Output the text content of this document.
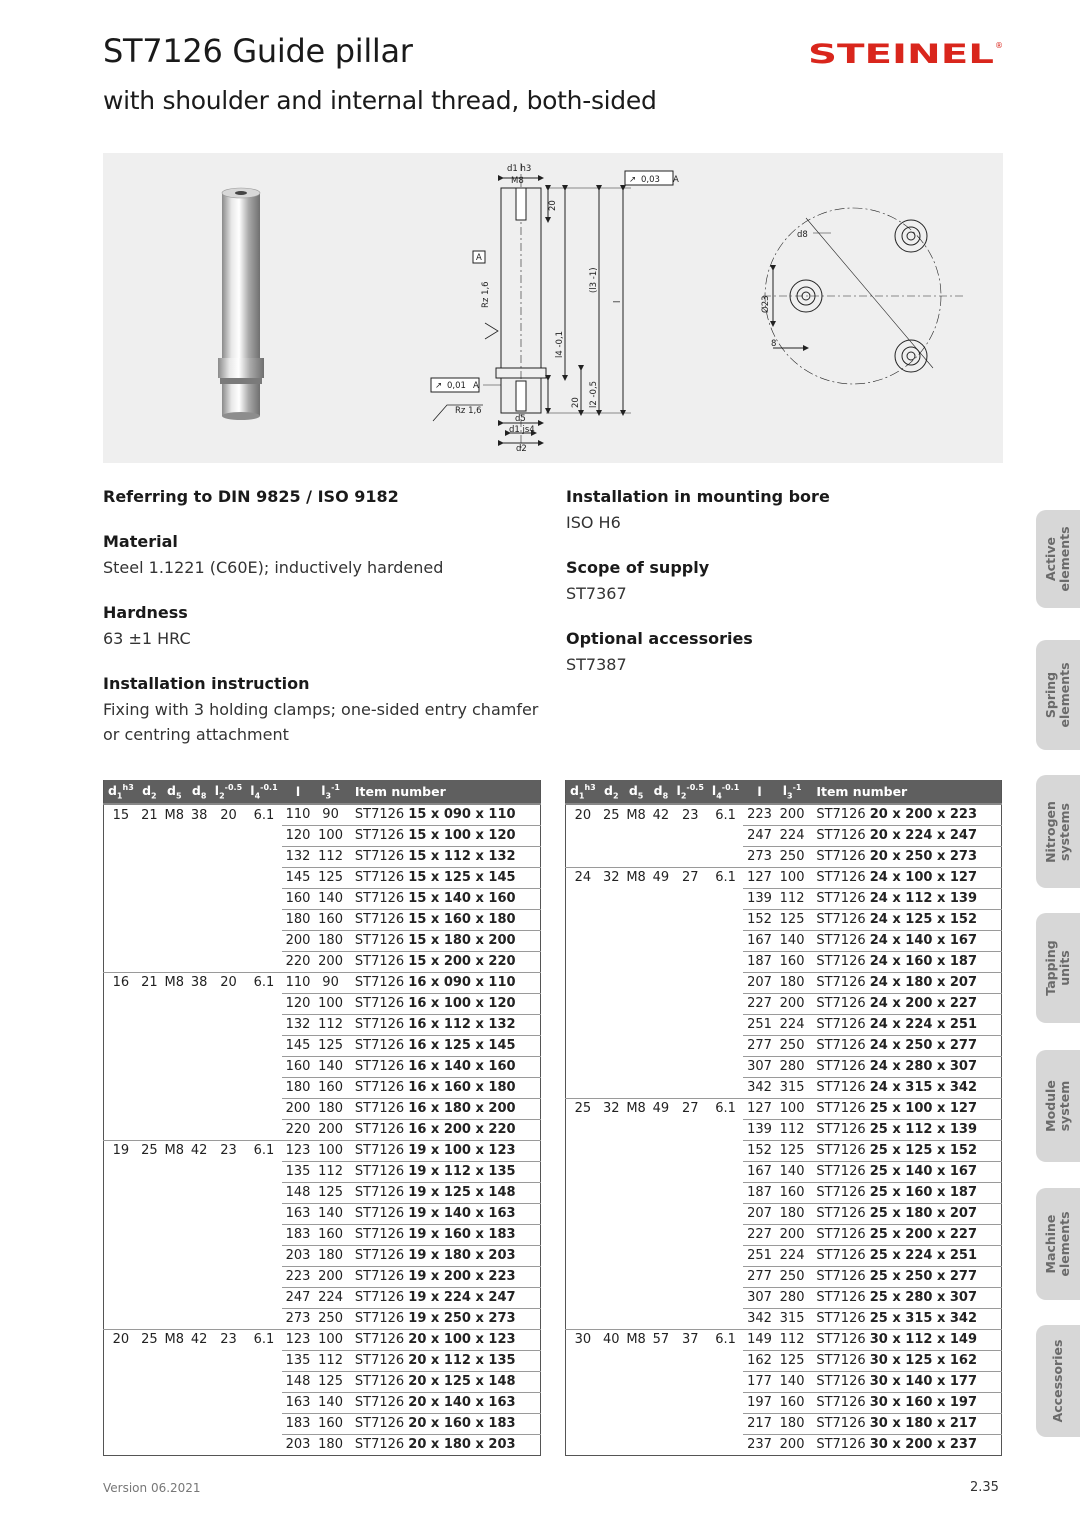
ST7126 Guide pillar
with shoulder and internal thread, both-sided
STEINEL ®
d1 h3
M8
20
0,03
↗	A
A
Rz 1,6
(l3 -1)
l
l4 -0,1
0,01
↗	A
Rz 1,6
20 l2 -0,5
d5
d1 js4
d2
d8
Ø23
8
Referring to DIN 9825 / ISO 9182
Material

Steel 1.1221 (C60E); inductively hardened

Hardness

63 ±1 HRC

Installation instruction

Fixing with 3 holding clamps; one-sided entry chamfer or centring attachment

Installation in mounting bore

ISO H6

Scope of supply

ST7367

Optional accessories

ST7387

$d_1^{h3}$	$d_2$	$d_5$	$d_8$	$l_2^{-0.5}$	$l_4^{-0.1}$	l	$l_3^{-1}$	Item number
15	21	M8	38	20	6.1	110	90	ST7126 15 x 090 x 110
						120	100	ST7126 15 x 100 x 120
						132	112	ST7126 15 x 112 x 132
						145	125	ST7126 15 x 125 x 145
						160	140	ST7126 15 x 140 x 160
						180	160	ST7126 15 x 160 x 180
						200	180	ST7126 15 x 180 x 200
						220	200	ST7126 15 x 200 x 220
16	21	M8	38	20	6.1	110	90	ST7126 16 x 090 x 110
						120	100	ST7126 16 x 100 x 120
						132	112	ST7126 16 x 112 x 132
						145	125	ST7126 16 x 125 x 145
						160	140	ST7126 16 x 140 x 160
						180	160	ST7126 16 x 160 x 180
						200	180	ST7126 16 x 180 x 200
						220	200	ST7126 16 x 200 x 220
19	25	M8	42	23	6.1	123	100	ST7126 19 x 100 x 123
						135	112	ST7126 19 x 112 x 135
						148	125	ST7126 19 x 125 x 148
						163	140	ST7126 19 x 140 x 163
						183	160	ST7126 19 x 160 x 183
						203	180	ST7126 19 x 180 x 203
						223	200	ST7126 19 x 200 x 223
						247	224	ST7126 19 x 224 x 247
						273	250	ST7126 19 x 250 x 273
20	25	M8	42	23	6.1	123	100	ST7126 20 x 100 x 123
						135	112	ST7126 20 x 112 x 135
						148	125	ST7126 20 x 125 x 148
						163	140	ST7126 20 x 140 x 163
						183	160	ST7126 20 x 160 x 183
						203	180	ST7126 20 x 180 x 203
$d_1^{h3}$	$d_2$	$d_5$	$d_8$	$l_2^{-0.5}$	$l_4^{-0.1}$	l	$l_3^{-1}$	Item number
20	25	M8	42	23	6.1	223	200	ST7126 20 x 200 x 223
						247	224	ST7126 20 x 224 x 247
						273	250	ST7126 20 x 250 x 273
24	32	M8	49	27	6.1	127	100	ST7126 24 x 100 x 127
						139	112	ST7126 24 x 112 x 139
						152	125	ST7126 24 x 125 x 152
						167	140	ST7126 24 x 140 x 167
						187	160	ST7126 24 x 160 x 187
						207	180	ST7126 24 x 180 x 207
						227	200	ST7126 24 x 200 x 227
						251	224	ST7126 24 x 224 x 251
						277	250	ST7126 24 x 250 x 277
						307	280	ST7126 24 x 280 x 307
						342	315	ST7126 24 x 315 x 342
25	32	M8	49	27	6.1	127	100	ST7126 25 x 100 x 127
						139	112	ST7126 25 x 112 x 139
						152	125	ST7126 25 x 125 x 152
						167	140	ST7126 25 x 140 x 167
						187	160	ST7126 25 x 160 x 187
						207	180	ST7126 25 x 180 x 207
						227	200	ST7126 25 x 200 x 227
						251	224	ST7126 25 x 224 x 251
						277	250	ST7126 25 x 250 x 277
						307	280	ST7126 25 x 280 x 307
						342	315	ST7126 25 x 315 x 342
30	40	M8	57	37	6.1	149	112	ST7126 30 x 112 x 149
						162	125	ST7126 30 x 125 x 162
						177	140	ST7126 30 x 140 x 177
						197	160	ST7126 30 x 160 x 197
						217	180	ST7126 30 x 180 x 217
						237	200	ST7126 30 x 200 x 237
Active
elements
Spring
elements
Nitrogen
systems
Tapping
units
Module
system
Machine
elements
Accessories
Version 06.2021	2.35
